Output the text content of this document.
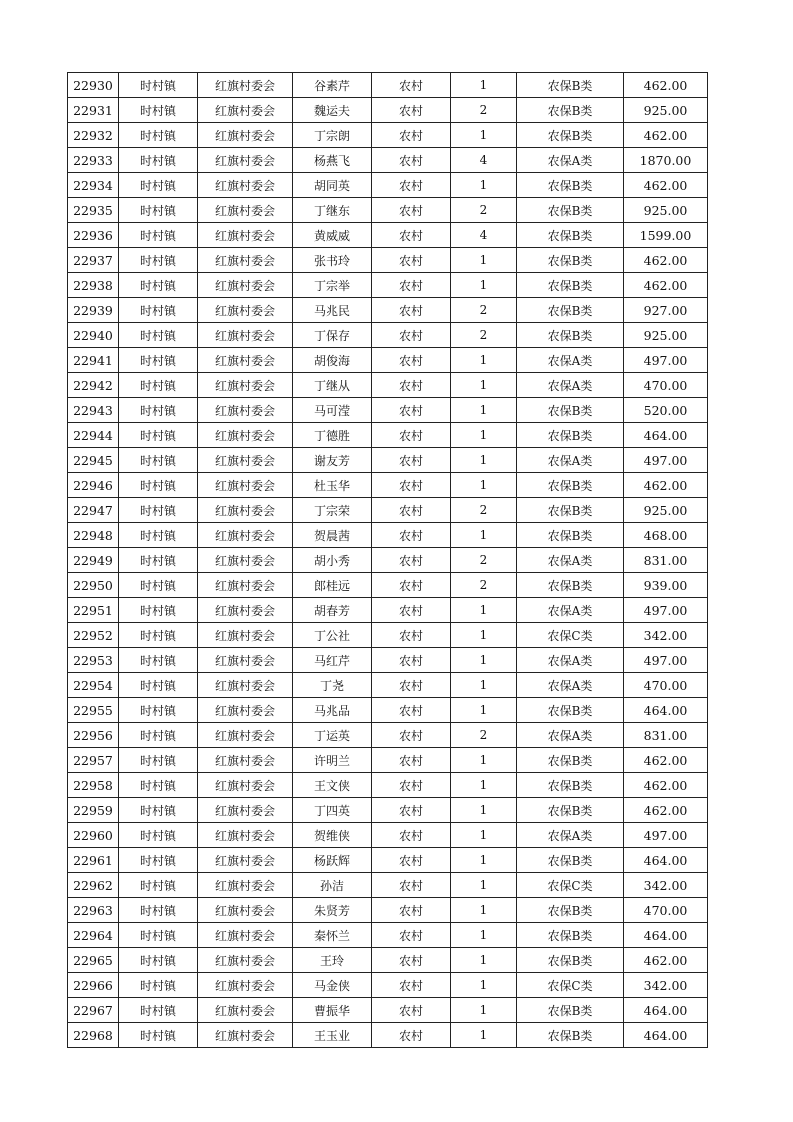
22930	时村镇	红旗村委会	谷素芹	农村	1	农保B类	462.00
22931	时村镇	红旗村委会	魏运夫	农村	2	农保B类	925.00
22932	时村镇	红旗村委会	丁宗朗	农村	1	农保B类	462.00
22933	时村镇	红旗村委会	杨燕飞	农村	4	农保A类	1870.00
22934	时村镇	红旗村委会	胡同英	农村	1	农保B类	462.00
22935	时村镇	红旗村委会	丁继东	农村	2	农保B类	925.00
22936	时村镇	红旗村委会	黄威威	农村	4	农保B类	1599.00
22937	时村镇	红旗村委会	张书玲	农村	1	农保B类	462.00
22938	时村镇	红旗村委会	丁宗举	农村	1	农保B类	462.00
22939	时村镇	红旗村委会	马兆民	农村	2	农保B类	927.00
22940	时村镇	红旗村委会	丁保存	农村	2	农保B类	925.00
22941	时村镇	红旗村委会	胡俊海	农村	1	农保A类	497.00
22942	时村镇	红旗村委会	丁继从	农村	1	农保A类	470.00
22943	时村镇	红旗村委会	马可滢	农村	1	农保B类	520.00
22944	时村镇	红旗村委会	丁德胜	农村	1	农保B类	464.00
22945	时村镇	红旗村委会	谢友芳	农村	1	农保A类	497.00
22946	时村镇	红旗村委会	杜玉华	农村	1	农保B类	462.00
22947	时村镇	红旗村委会	丁宗荣	农村	2	农保B类	925.00
22948	时村镇	红旗村委会	贺晨茜	农村	1	农保B类	468.00
22949	时村镇	红旗村委会	胡小秀	农村	2	农保A类	831.00
22950	时村镇	红旗村委会	郎桂远	农村	2	农保B类	939.00
22951	时村镇	红旗村委会	胡春芳	农村	1	农保A类	497.00
22952	时村镇	红旗村委会	丁公社	农村	1	农保C类	342.00
22953	时村镇	红旗村委会	马红芹	农村	1	农保A类	497.00
22954	时村镇	红旗村委会	丁尧	农村	1	农保A类	470.00
22955	时村镇	红旗村委会	马兆品	农村	1	农保B类	464.00
22956	时村镇	红旗村委会	丁运英	农村	2	农保A类	831.00
22957	时村镇	红旗村委会	许明兰	农村	1	农保B类	462.00
22958	时村镇	红旗村委会	王文侠	农村	1	农保B类	462.00
22959	时村镇	红旗村委会	丁四英	农村	1	农保B类	462.00
22960	时村镇	红旗村委会	贺维侠	农村	1	农保A类	497.00
22961	时村镇	红旗村委会	杨跃辉	农村	1	农保B类	464.00
22962	时村镇	红旗村委会	孙洁	农村	1	农保C类	342.00
22963	时村镇	红旗村委会	朱贤芳	农村	1	农保B类	470.00
22964	时村镇	红旗村委会	秦怀兰	农村	1	农保B类	464.00
22965	时村镇	红旗村委会	王玲	农村	1	农保B类	462.00
22966	时村镇	红旗村委会	马金侠	农村	1	农保C类	342.00
22967	时村镇	红旗村委会	曹振华	农村	1	农保B类	464.00
22968	时村镇	红旗村委会	王玉业	农村	1	农保B类	464.00
